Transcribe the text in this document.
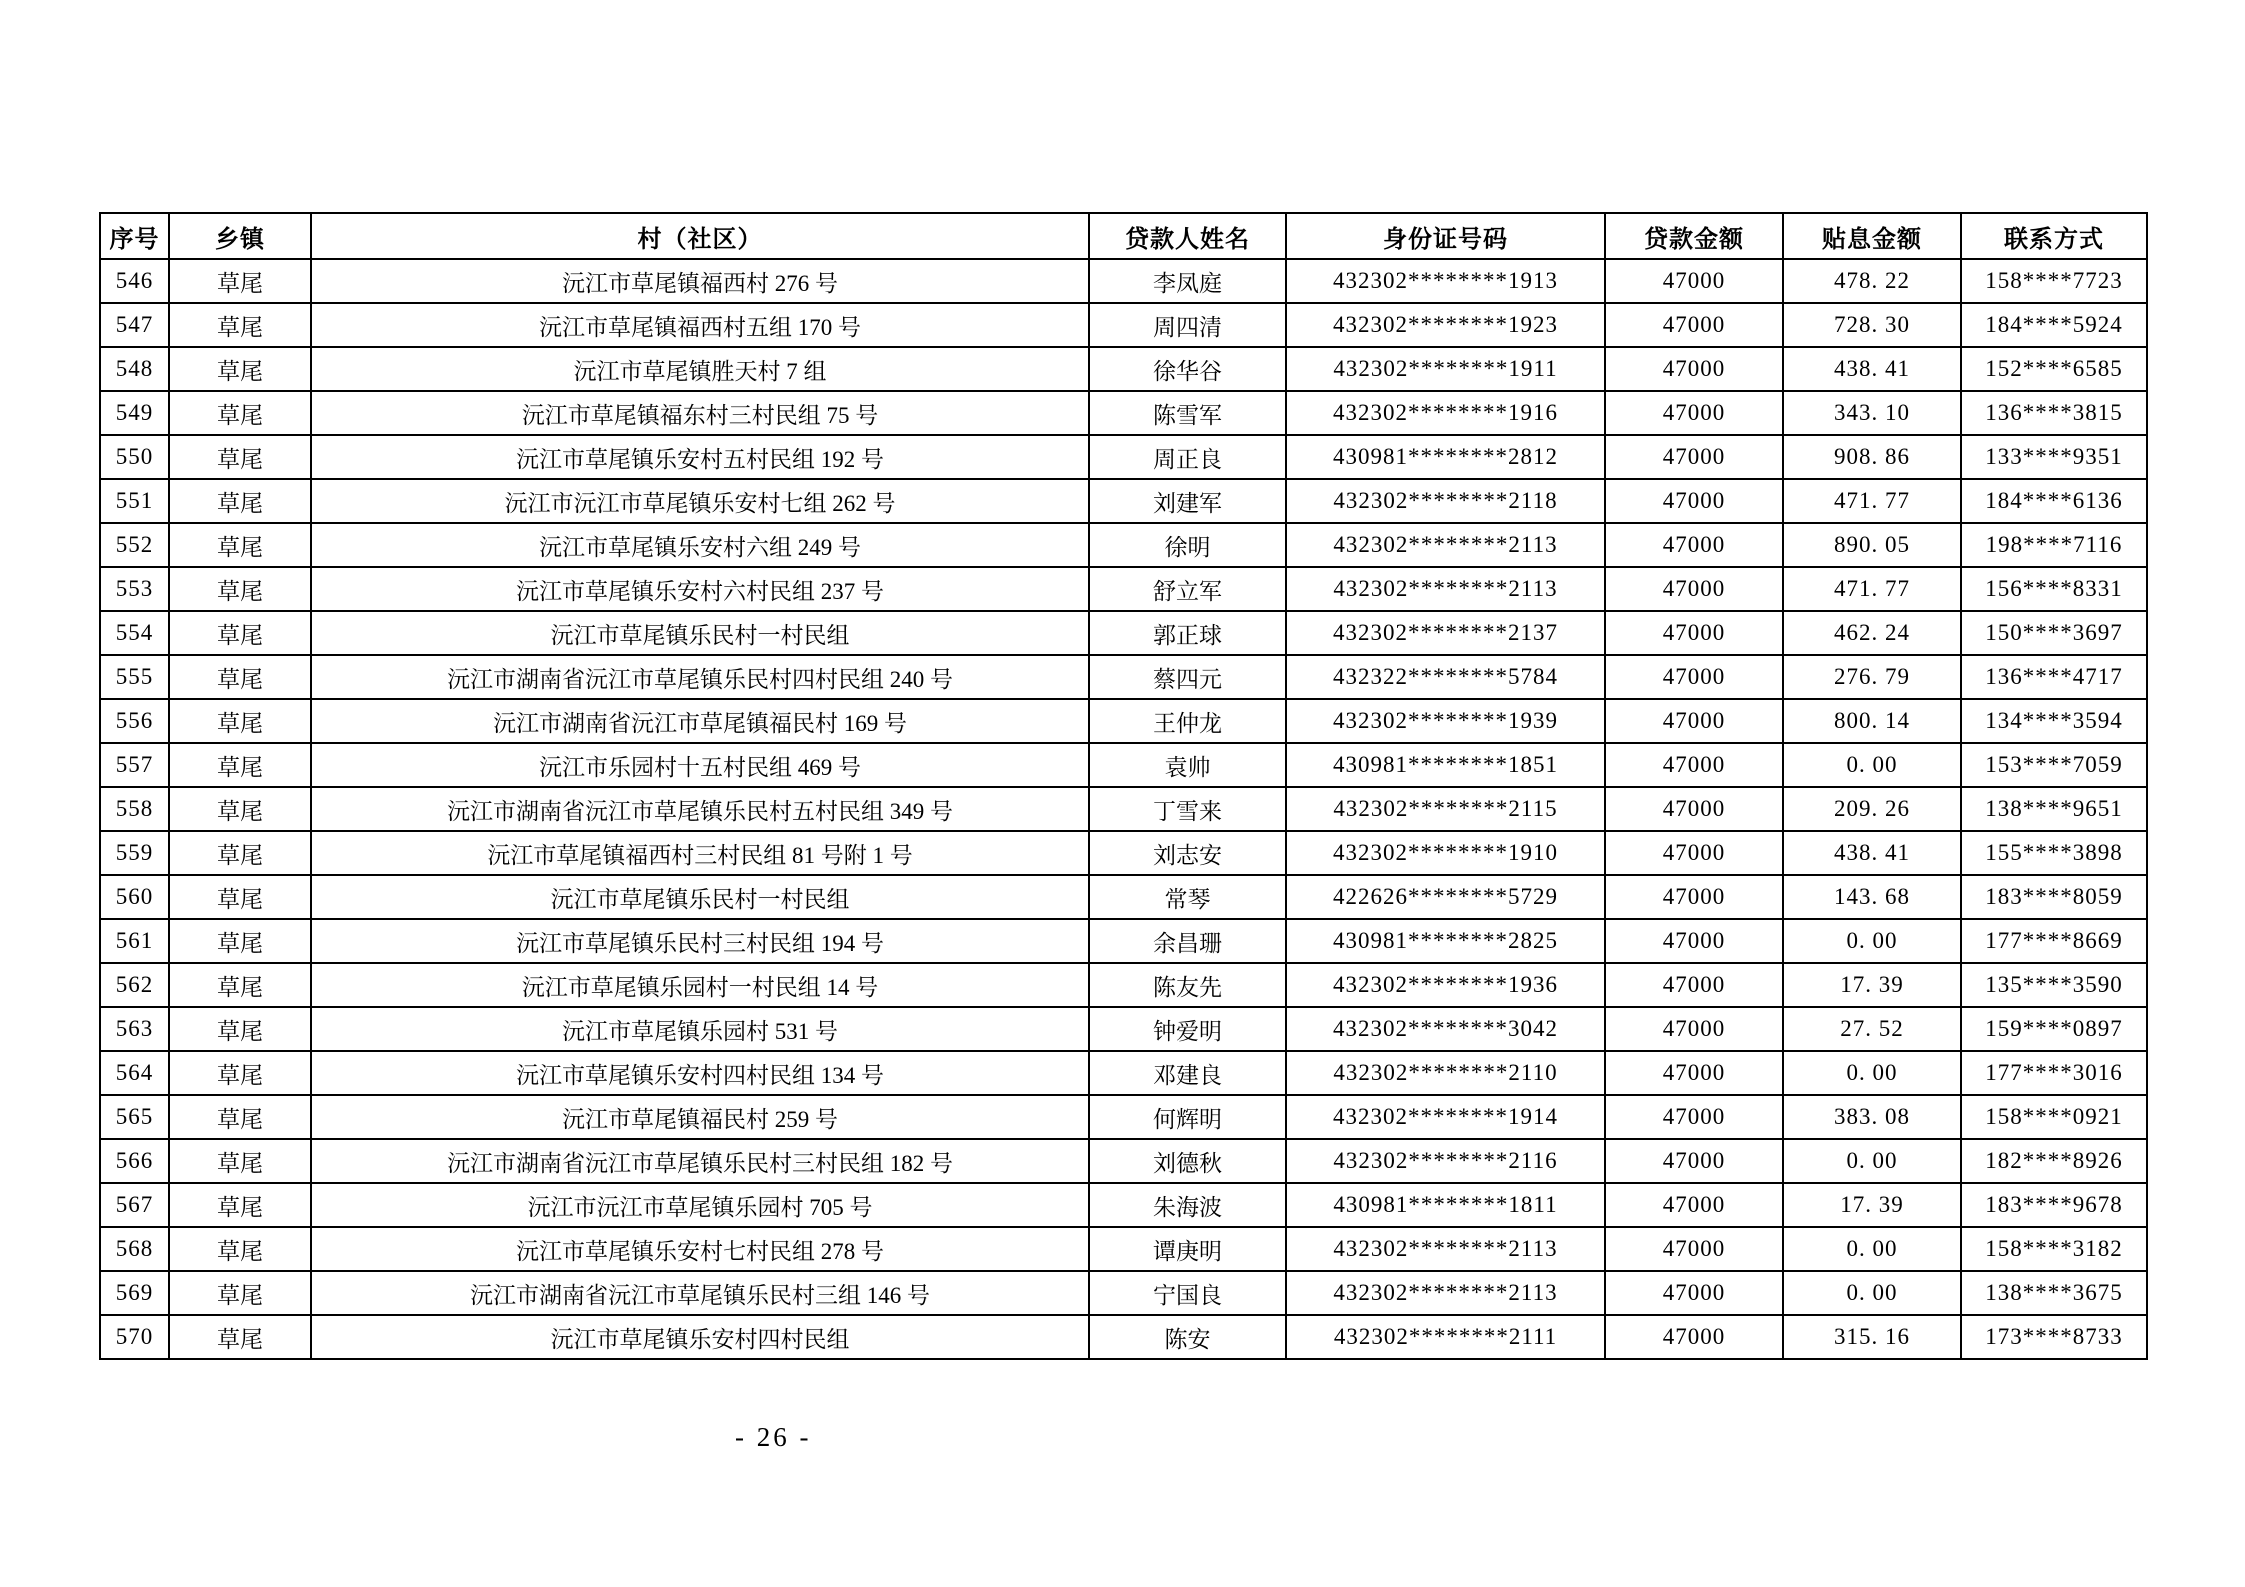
序号	乡镇	村（社区）	贷款人姓名	身份证号码	贷款金额	贴息金额	联系方式
546	草尾	沅江市草尾镇福西村 276 号	李凤庭	432302********1913	47000	478. 22	158****7723
547	草尾	沅江市草尾镇福西村五组 170 号	周四清	432302********1923	47000	728. 30	184****5924
548	草尾	沅江市草尾镇胜天村 7 组	徐华谷	432302********1911	47000	438. 41	152****6585
549	草尾	沅江市草尾镇福东村三村民组 75 号	陈雪军	432302********1916	47000	343. 10	136****3815
550	草尾	沅江市草尾镇乐安村五村民组 192 号	周正良	430981********2812	47000	908. 86	133****9351
551	草尾	沅江市沅江市草尾镇乐安村七组 262 号	刘建军	432302********2118	47000	471. 77	184****6136
552	草尾	沅江市草尾镇乐安村六组 249 号	徐明	432302********2113	47000	890. 05	198****7116
553	草尾	沅江市草尾镇乐安村六村民组 237 号	舒立军	432302********2113	47000	471. 77	156****8331
554	草尾	沅江市草尾镇乐民村一村民组	郭正球	432302********2137	47000	462. 24	150****3697
555	草尾	沅江市湖南省沅江市草尾镇乐民村四村民组 240 号	蔡四元	432322********5784	47000	276. 79	136****4717
556	草尾	沅江市湖南省沅江市草尾镇福民村 169 号	王仲龙	432302********1939	47000	800. 14	134****3594
557	草尾	沅江市乐园村十五村民组 469 号	袁帅	430981********1851	47000	0. 00	153****7059
558	草尾	沅江市湖南省沅江市草尾镇乐民村五村民组 349 号	丁雪来	432302********2115	47000	209. 26	138****9651
559	草尾	沅江市草尾镇福西村三村民组 81 号附 1 号	刘志安	432302********1910	47000	438. 41	155****3898
560	草尾	沅江市草尾镇乐民村一村民组	常琴	422626********5729	47000	143. 68	183****8059
561	草尾	沅江市草尾镇乐民村三村民组 194 号	余昌珊	430981********2825	47000	0. 00	177****8669
562	草尾	沅江市草尾镇乐园村一村民组 14 号	陈友先	432302********1936	47000	17. 39	135****3590
563	草尾	沅江市草尾镇乐园村 531 号	钟爱明	432302********3042	47000	27. 52	159****0897
564	草尾	沅江市草尾镇乐安村四村民组 134 号	邓建良	432302********2110	47000	0. 00	177****3016
565	草尾	沅江市草尾镇福民村 259 号	何辉明	432302********1914	47000	383. 08	158****0921
566	草尾	沅江市湖南省沅江市草尾镇乐民村三村民组 182 号	刘德秋	432302********2116	47000	0. 00	182****8926
567	草尾	沅江市沅江市草尾镇乐园村 705 号	朱海波	430981********1811	47000	17. 39	183****9678
568	草尾	沅江市草尾镇乐安村七村民组 278 号	谭庚明	432302********2113	47000	0. 00	158****3182
569	草尾	沅江市湖南省沅江市草尾镇乐民村三组 146 号	宁国良	432302********2113	47000	0. 00	138****3675
570	草尾	沅江市草尾镇乐安村四村民组	陈安	432302********2111	47000	315. 16	173****8733
- 26 -
